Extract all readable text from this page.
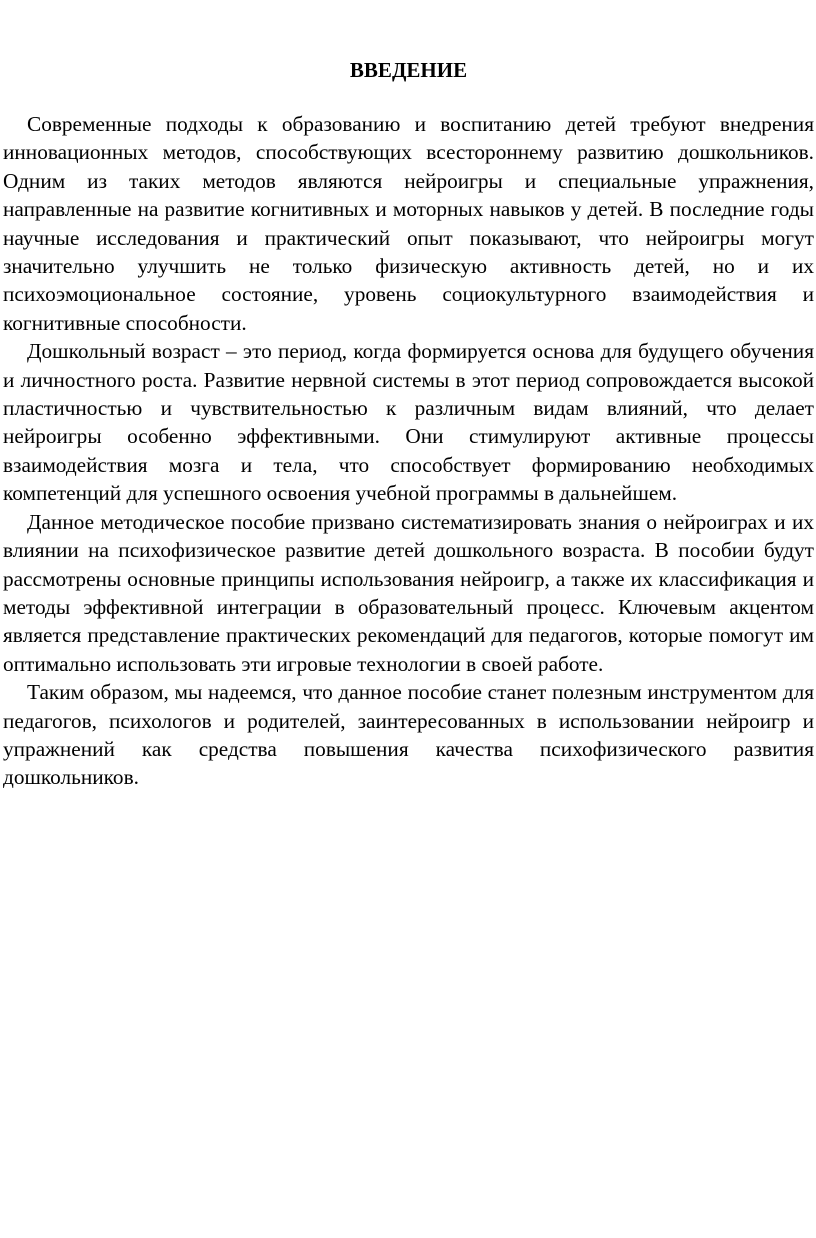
ВВЕДЕНИЕ

Современные подходы к образованию и воспитанию детей требуют внедрения инновационных методов, способствующих всестороннему развитию дошкольников. Одним из таких методов являются нейроигры и специальные упражнения, направленные на развитие когнитивных и моторных навыков у детей. В последние годы научные исследования и практический опыт показывают, что нейроигры могут значительно улучшить не только физическую активность детей, но и их психоэмоциональное состояние, уровень социокультурного взаимодействия и когнитивные способности.

Дошкольный возраст – это период, когда формируется основа для будущего обучения и личностного роста. Развитие нервной системы в этот период сопровождается высокой пластичностью и чувствительностью к различным видам влияний, что делает нейроигры особенно эффективными. Они стимулируют активные процессы взаимодействия мозга и тела, что способствует формированию необходимых компетенций для успешного освоения учебной программы в дальнейшем.

Данное методическое пособие призвано систематизировать знания о нейроиграх и их влиянии на психофизическое развитие детей дошкольного возраста. В пособии будут рассмотрены основные принципы использования нейроигр, а также их классификация и методы эффективной интеграции в образовательный процесс. Ключевым акцентом является представление практических рекомендаций для педагогов, которые помогут им оптимально использовать эти игровые технологии в своей работе.

Таким образом, мы надеемся, что данное пособие станет полезным инструментом для педагогов, психологов и родителей, заинтересованных в использовании нейроигр и упражнений как средства повышения качества психофизического развития дошкольников.
